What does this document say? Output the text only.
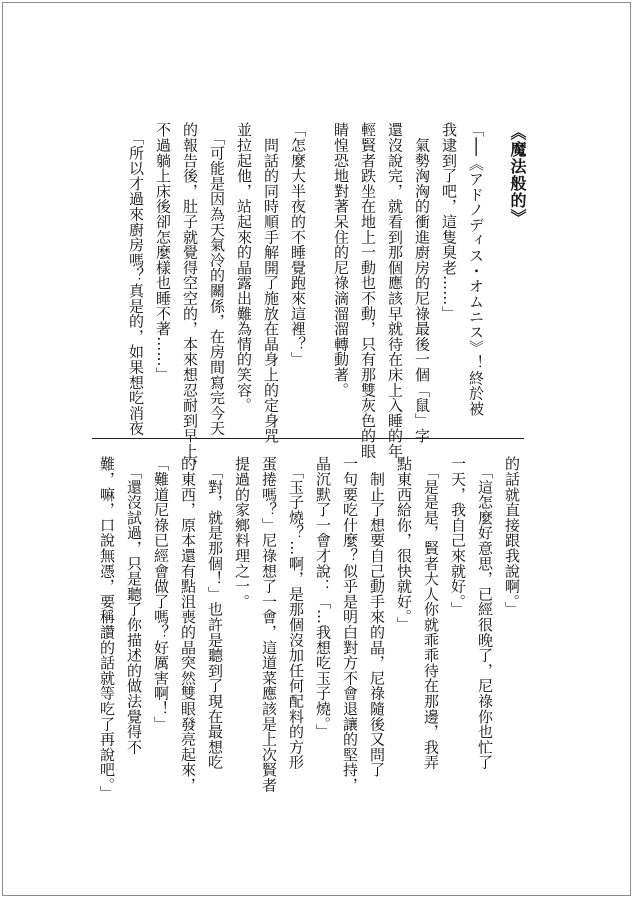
《魔法般的》
「──《アドノディス・オムニス》！終於被
我逮到了吧，這隻臭老……」
　氣勢洶洶的衝進廚房的尼祿最後一個「鼠」字
還沒說完，就看到那個應該早就待在床上入睡的年
輕賢者跌坐在地上一動也不動，只有那雙灰色的眼
睛惶恐地對著呆住的尼祿滴溜溜轉動著。
「怎麼大半夜的不睡覺跑來這裡？」
　問話的同時順手解開了施放在晶身上的定身咒
並拉起他，站起來的晶露出難為情的笑容。
　「可能是因為天氣冷的關係，在房間寫完今天
的報告後，肚子就覺得空空的，本來想忍耐到早上，
不過躺上床後卻怎麼樣也睡不著……」
　「所以才過來廚房嗎？真是的，如果想吃消夜
的話就直接跟我說啊。」
　「這怎麼好意思，已經很晚了，尼祿你也忙了
一天，我自己來就好。」
　「是是是，賢者大人你就乖乖待在那邊，我弄
點東西給你，很快就好。」
　制止了想要自己動手來的晶，尼祿隨後又問了
一句要吃什麼？似乎是明白對方不會退讓的堅持，
晶沉默了一會才說：「…我想吃玉子燒。」
　「玉子燒？…啊，是那個沒加任何配料的方形
蛋捲嗎？」尼祿想了一會，這道菜應該是上次賢者
提過的家鄉料理之一。
　「對，就是那個！」也許是聽到了現在最想吃
的東西，原本還有點沮喪的晶突然雙眼發亮起來，
「難道尼祿已經會做了嗎？好厲害啊！」
　「還沒試過，只是聽了你描述的做法覺得不
難，嘛，口說無憑，要稱讚的話就等吃了再說吧。」
